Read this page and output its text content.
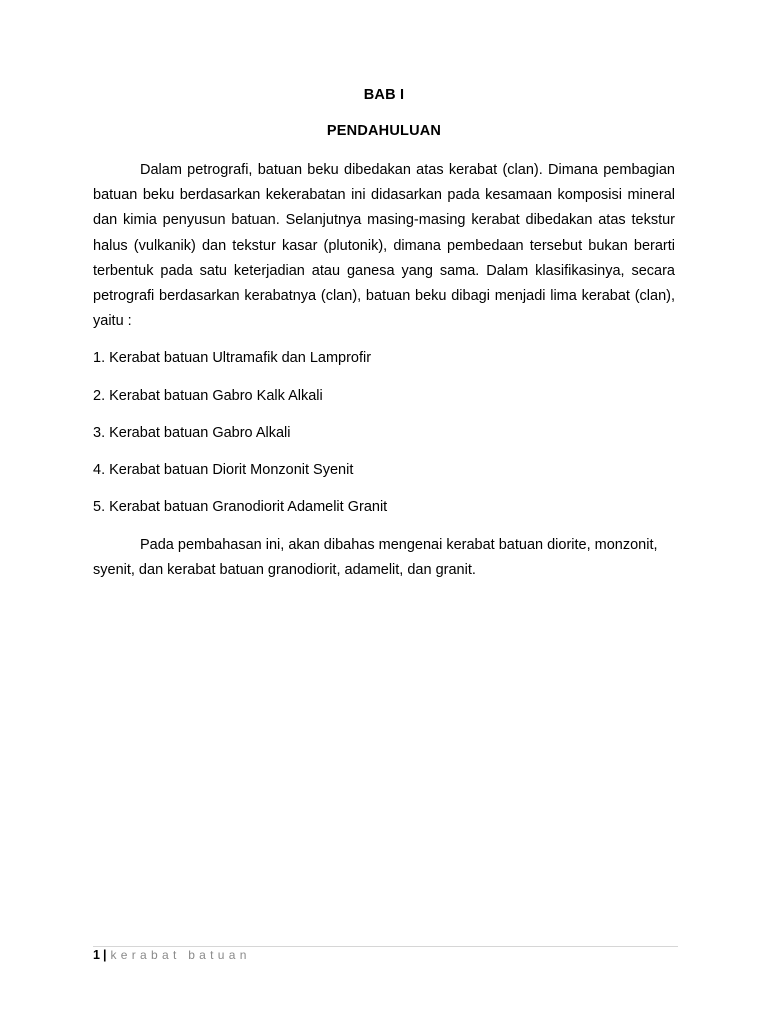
BAB I
PENDAHULUAN
Dalam petrografi, batuan beku dibedakan atas kerabat (clan). Dimana pembagian batuan beku berdasarkan kekerabatan ini didasarkan pada kesamaan komposisi mineral dan kimia penyusun batuan. Selanjutnya masing-masing kerabat dibedakan atas tekstur halus (vulkanik) dan tekstur kasar (plutonik), dimana pembedaan tersebut bukan berarti terbentuk pada satu keterjadian atau ganesa yang sama. Dalam klasifikasinya, secara petrografi berdasarkan kerabatnya (clan), batuan beku dibagi menjadi lima kerabat (clan), yaitu :
1. Kerabat batuan Ultramafik dan Lamprofir
2. Kerabat batuan Gabro Kalk Alkali
3. Kerabat batuan Gabro Alkali
4. Kerabat batuan Diorit Monzonit Syenit
5. Kerabat batuan Granodiorit Adamelit Granit
Pada pembahasan ini, akan dibahas mengenai kerabat batuan diorite, monzonit, syenit, dan kerabat batuan granodiorit, adamelit, dan granit.
1 | kerabat batuan
